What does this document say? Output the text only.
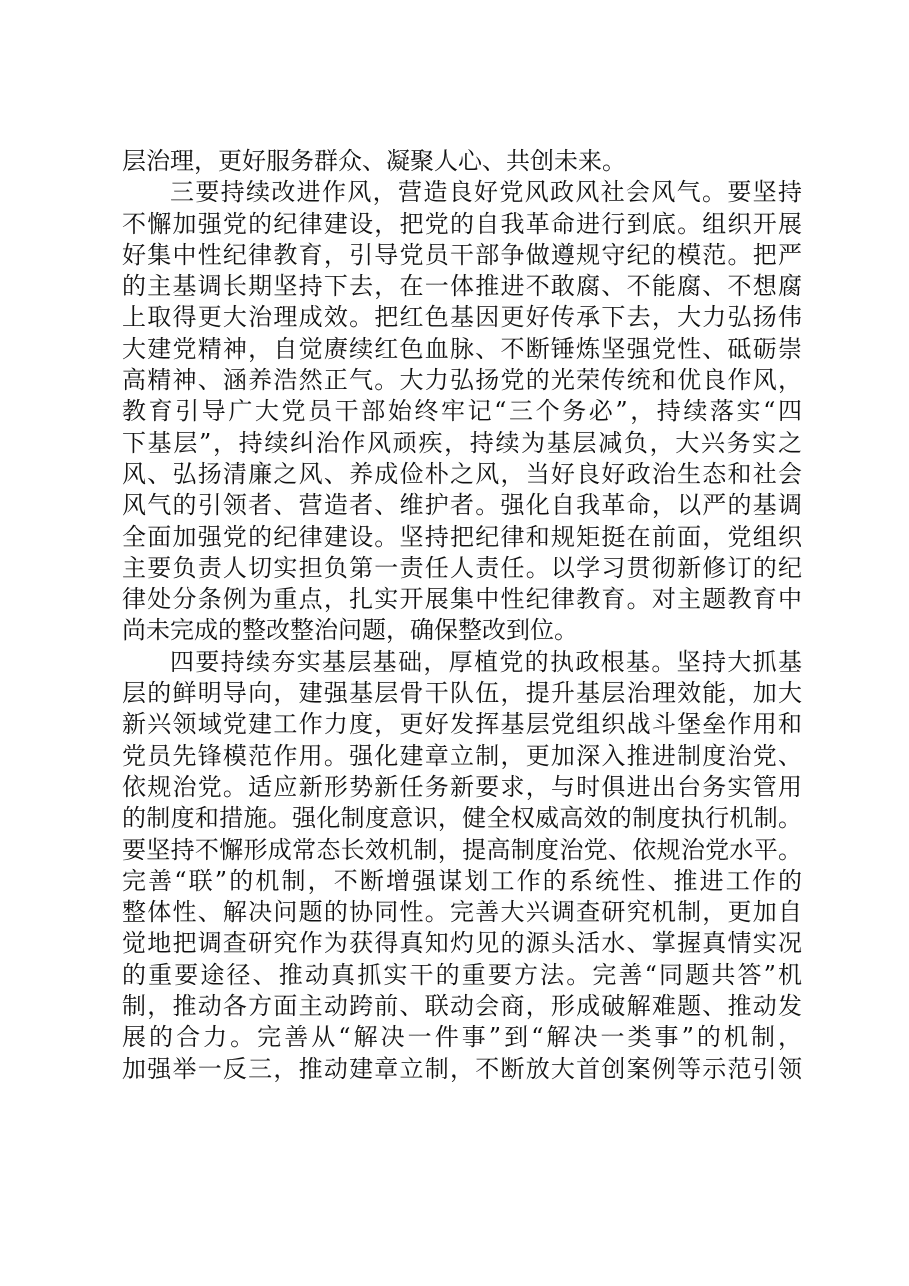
层治理，更好服务群众、凝聚人心、共创未来。
三要持续改进作风，营造良好党风政风社会风气。要坚持
不懈加强党的纪律建设，把党的自我革命进行到底。组织开展
好集中性纪律教育，引导党员干部争做遵规守纪的模范。把严
的主基调长期坚持下去，在一体推进不敢腐、不能腐、不想腐
上取得更大治理成效。把红色基因更好传承下去，大力弘扬伟
大建党精神，自觉赓续红色血脉、不断锤炼坚强党性、砥砺崇
高精神、涵养浩然正气。大力弘扬党的光荣传统和优良作风，
教育引导广大党员干部始终牢记“三个务必”，持续落实“四
下基层”，持续纠治作风顽疾，持续为基层减负，大兴务实之
风、弘扬清廉之风、养成俭朴之风，当好良好政治生态和社会
风气的引领者、营造者、维护者。强化自我革命，以严的基调
全面加强党的纪律建设。坚持把纪律和规矩挺在前面，党组织
主要负责人切实担负第一责任人责任。以学习贯彻新修订的纪
律处分条例为重点，扎实开展集中性纪律教育。对主题教育中
尚未完成的整改整治问题，确保整改到位。
四要持续夯实基层基础，厚植党的执政根基。坚持大抓基
层的鲜明导向，建强基层骨干队伍，提升基层治理效能，加大
新兴领域党建工作力度，更好发挥基层党组织战斗堡垒作用和
党员先锋模范作用。强化建章立制，更加深入推进制度治党、
依规治党。适应新形势新任务新要求，与时俱进出台务实管用
的制度和措施。强化制度意识，健全权威高效的制度执行机制。
要坚持不懈形成常态长效机制，提高制度治党、依规治党水平。
完善“联”的机制，不断增强谋划工作的系统性、推进工作的
整体性、解决问题的协同性。完善大兴调查研究机制，更加自
觉地把调查研究作为获得真知灼见的源头活水、掌握真情实况
的重要途径、推动真抓实干的重要方法。完善“同题共答”机
制，推动各方面主动跨前、联动会商，形成破解难题、推动发
展的合力。完善从“解决一件事”到“解决一类事”的机制，
加强举一反三，推动建章立制，不断放大首创案例等示范引领
